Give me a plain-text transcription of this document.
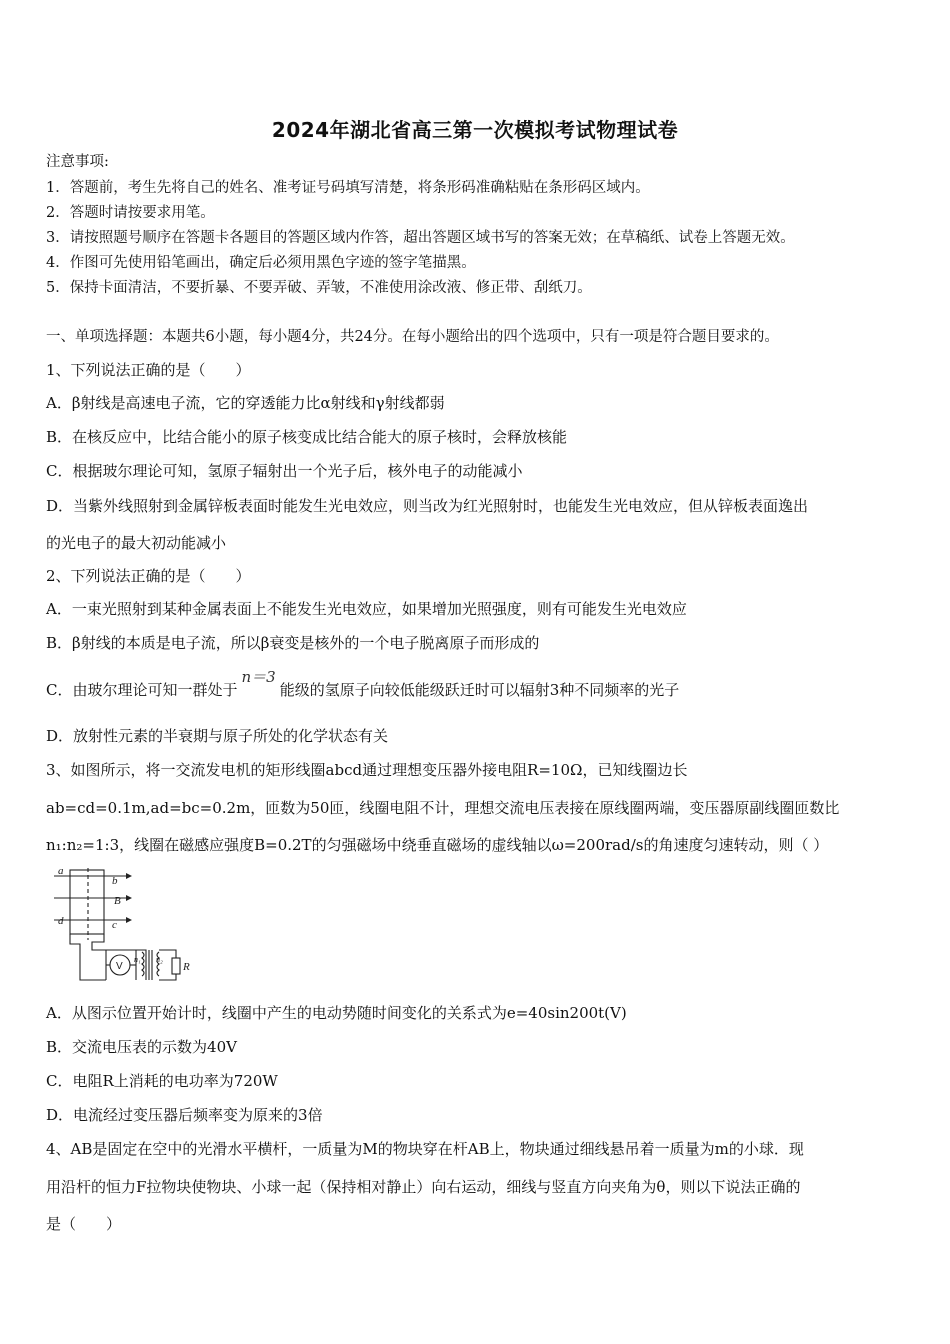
2024年湖北省高三第一次模拟考试物理试卷
注意事项:
1．答题前，考生先将自己的姓名、准考证号码填写清楚，将条形码准确粘贴在条形码区域内。
2．答题时请按要求用笔。
3．请按照题号顺序在答题卡各题目的答题区域内作答，超出答题区域书写的答案无效；在草稿纸、试卷上答题无效。
4．作图可先使用铅笔画出，确定后必须用黑色字迹的签字笔描黑。
5．保持卡面清洁，不要折暴、不要弄破、弄皱，不准使用涂改液、修正带、刮纸刀。
一、单项选择题：本题共6小题，每小题4分，共24分。在每小题给出的四个选项中，只有一项是符合题目要求的。
1、下列说法正确的是（　　）
A．β射线是高速电子流，它的穿透能力比α射线和γ射线都弱
B．在核反应中，比结合能小的原子核变成比结合能大的原子核时，会释放核能
C．根据玻尔理论可知，氢原子辐射出一个光子后，核外电子的动能减小
D．当紫外线照射到金属锌板表面时能发生光电效应，则当改为红光照射时，也能发生光电效应，但从锌板表面逸出
的光电子的最大初动能减小
2、下列说法正确的是（　　）
A．一束光照射到某种金属表面上不能发生光电效应，如果增加光照强度，则有可能发生光电效应
B．β射线的本质是电子流，所以β衰变是核外的一个电子脱离原子而形成的
C．由玻尔理论可知一群处于n＝3能级的氢原子向较低能级跃迁时可以辐射3种不同频率的光子
D．放射性元素的半衰期与原子所处的化学状态有关
3、如图所示，将一交流发电机的矩形线圈abcd通过理想变压器外接电阻R=10Ω，已知线圈边长
ab=cd=0.1m,ad=bc=0.2m，匝数为50匝，线圈电阻不计，理想交流电压表接在原线圈两端，变压器原副线圈匝数比
n₁:n₂=1:3，线圈在磁感应强度B=0.2T的匀强磁场中绕垂直磁场的虚线轴以ω=200rad/s的角速度匀速转动，则（ ）
a
b
B
c
d
n₁ n₂
R
V
A．从图示位置开始计时，线圈中产生的电动势随时间变化的关系式为e=40sin200t(V)
B．交流电压表的示数为40V
C．电阻R上消耗的电功率为720W
D．电流经过变压器后频率变为原来的3倍
4、AB是固定在空中的光滑水平横杆，一质量为M的物块穿在杆AB上，物块通过细线悬吊着一质量为m的小球．现
用沿杆的恒力F拉物块使物块、小球一起（保持相对静止）向右运动，细线与竖直方向夹角为θ，则以下说法正确的
是（　　）
